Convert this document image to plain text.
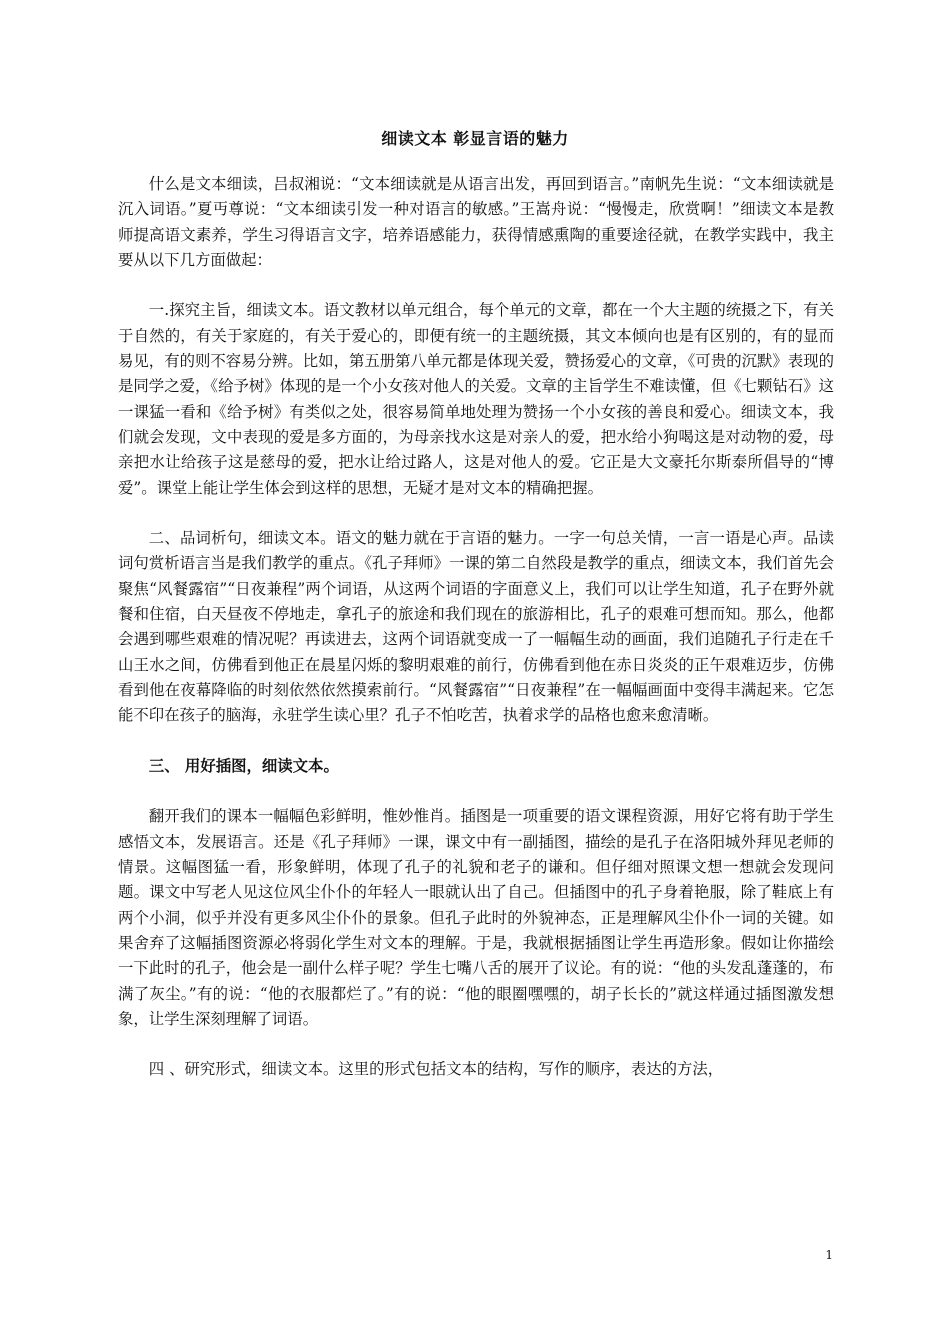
细读文本 彰显言语的魅力

什么是文本细读，吕叔湘说：“文本细读就是从语言出发，再回到语言。”南帆先生说：“文本细读就是沉入词语。”夏丏尊说：“文本细读引发一种对语言的敏感。”王嵩舟说：“慢慢走，欣赏啊！”细读文本是教师提高语文素养，学生习得语言文字，培养语感能力，获得情感熏陶的重要途径就，在教学实践中，我主要从以下几方面做起：

一.探究主旨，细读文本。语文教材以单元组合，每个单元的文章，都在一个大主题的统摄之下，有关于自然的，有关于家庭的，有关于爱心的，即便有统一的主题统摄，其文本倾向也是有区别的，有的显而易见，有的则不容易分辨。比如，第五册第八单元都是体现关爱，赞扬爱心的文章，《可贵的沉默》表现的是同学之爱，《给予树》体现的是一个小女孩对他人的关爱。文章的主旨学生不难读懂，但《七颗钻石》这一课猛一看和《给予树》有类似之处，很容易简单地处理为赞扬一个小女孩的善良和爱心。细读文本，我们就会发现，文中表现的爱是多方面的，为母亲找水这是对亲人的爱，把水给小狗喝这是对动物的爱，母亲把水让给孩子这是慈母的爱，把水让给过路人，这是对他人的爱。它正是大文豪托尔斯泰所倡导的“博爱”。课堂上能让学生体会到这样的思想，无疑才是对文本的精确把握。

二、品词析句，细读文本。语文的魅力就在于言语的魅力。一字一句总关情，一言一语是心声。品读词句赏析语言当是我们教学的重点。《孔子拜师》一课的第二自然段是教学的重点，细读文本，我们首先会聚焦“风餐露宿”“日夜兼程”两个词语，从这两个词语的字面意义上，我们可以让学生知道，孔子在野外就餐和住宿，白天昼夜不停地走，拿孔子的旅途和我们现在的旅游相比，孔子的艰难可想而知。那么，他都会遇到哪些艰难的情况呢？再读进去，这两个词语就变成一了一幅幅生动的画面，我们追随孔子行走在千山王水之间，仿佛看到他正在晨星闪烁的黎明艰难的前行，仿佛看到他在赤日炎炎的正午艰难迈步，仿佛看到他在夜幕降临的时刻依然依然摸索前行。“风餐露宿”“日夜兼程”在一幅幅画面中变得丰满起来。它怎能不印在孩子的脑海，永驻学生读心里？孔子不怕吃苦，执着求学的品格也愈来愈清晰。

三、 用好插图，细读文本。

翻开我们的课本一幅幅色彩鲜明，惟妙惟肖。插图是一项重要的语文课程资源，用好它将有助于学生感悟文本，发展语言。还是《孔子拜师》一课，课文中有一副插图，描绘的是孔子在洛阳城外拜见老师的情景。这幅图猛一看，形象鲜明，体现了孔子的礼貌和老子的谦和。但仔细对照课文想一想就会发现问题。课文中写老人见这位风尘仆仆的年轻人一眼就认出了自己。但插图中的孔子身着艳服，除了鞋底上有两个小洞，似乎并没有更多风尘仆仆的景象。但孔子此时的外貌神态，正是理解风尘仆仆一词的关键。如果舍弃了这幅插图资源必将弱化学生对文本的理解。于是，我就根据插图让学生再造形象。假如让你描绘一下此时的孔子，他会是一副什么样子呢？学生七嘴八舌的展开了议论。有的说：“他的头发乱蓬蓬的，布满了灰尘。”有的说：“他的衣服都烂了。”有的说：“他的眼圈嘿嘿的，胡子长长的”就这样通过插图激发想象，让学生深刻理解了词语。

四 、研究形式，细读文本。这里的形式包括文本的结构，写作的顺序，表达的方法，

1
